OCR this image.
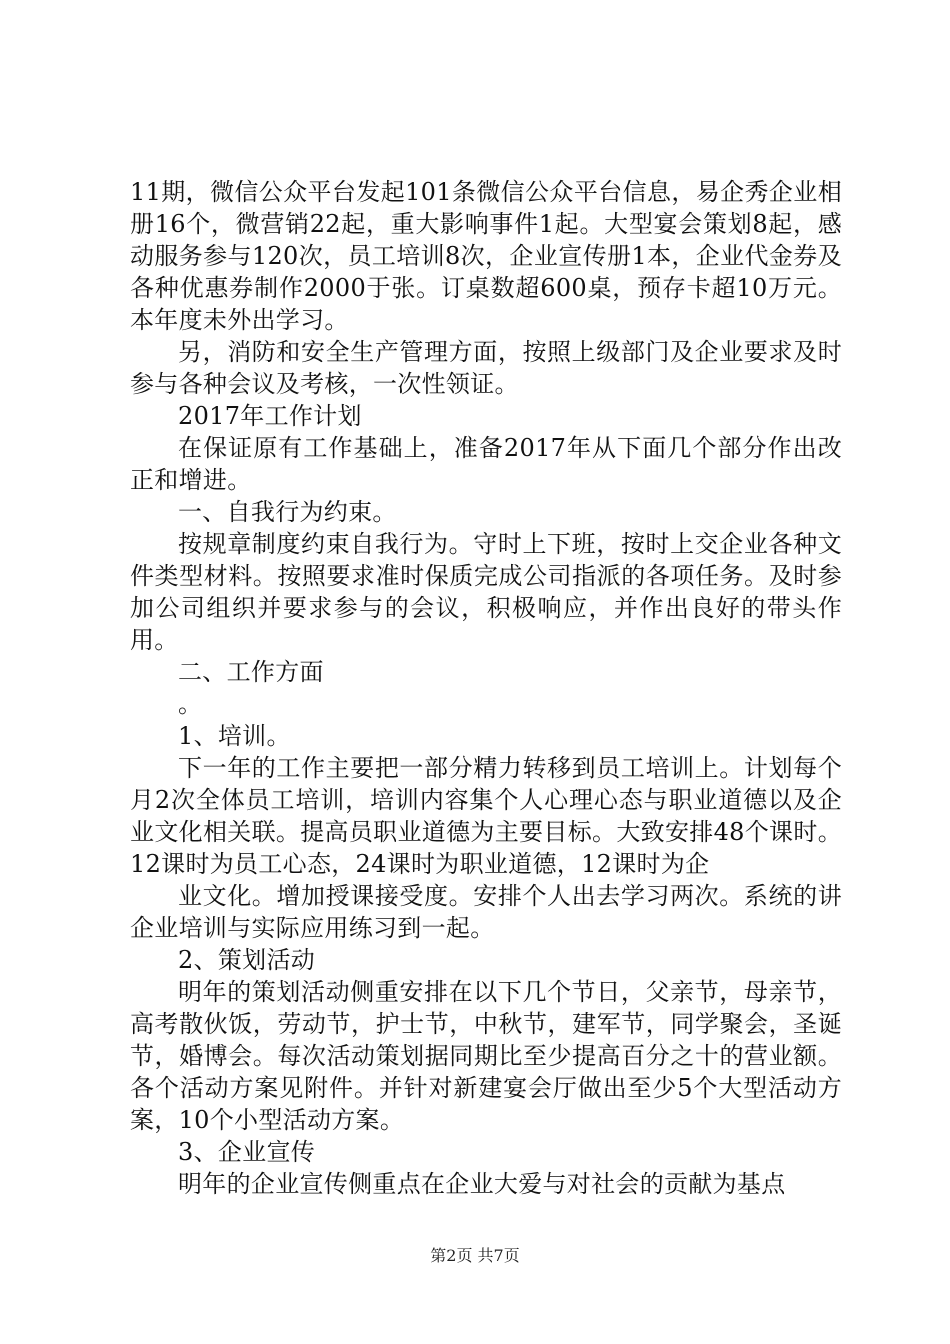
11期，微信公众平台发起101条微信公众平台信息，易企秀企业相册16个，微营销22起，重大影响事件1起。大型宴会策划8起，感动服务参与120次，员工培训8次，企业宣传册1本，企业代金券及各种优惠券制作2000于张。订桌数超600桌，预存卡超10万元。本年度未外出学习。

另，消防和安全生产管理方面，按照上级部门及企业要求及时参与各种会议及考核，一次性领证。

2017年工作计划

在保证原有工作基础上，准备2017年从下面几个部分作出改正和增进。

一、自我行为约束。

按规章制度约束自我行为。守时上下班，按时上交企业各种文件类型材料。按照要求准时保质完成公司指派的各项任务。及时参加公司组织并要求参与的会议，积极响应，并作出良好的带头作用。

二、工作方面

。

1、培训。

下一年的工作主要把一部分精力转移到员工培训上。计划每个月2次全体员工培训，培训内容集个人心理心态与职业道德以及企业文化相关联。提高员职业道德为主要目标。大致安排48个课时。12课时为员工心态，24课时为职业道德，12课时为企

业文化。增加授课接受度。安排个人出去学习两次。系统的讲企业培训与实际应用练习到一起。

2、策划活动

明年的策划活动侧重安排在以下几个节日，父亲节，母亲节，高考散伙饭，劳动节，护士节，中秋节，建军节，同学聚会，圣诞节，婚博会。每次活动策划据同期比至少提高百分之十的营业额。各个活动方案见附件。并针对新建宴会厅做出至少5个大型活动方案，10个小型活动方案。

3、企业宣传

明年的企业宣传侧重点在企业大爱与对社会的贡献为基点

第2页 共7页
